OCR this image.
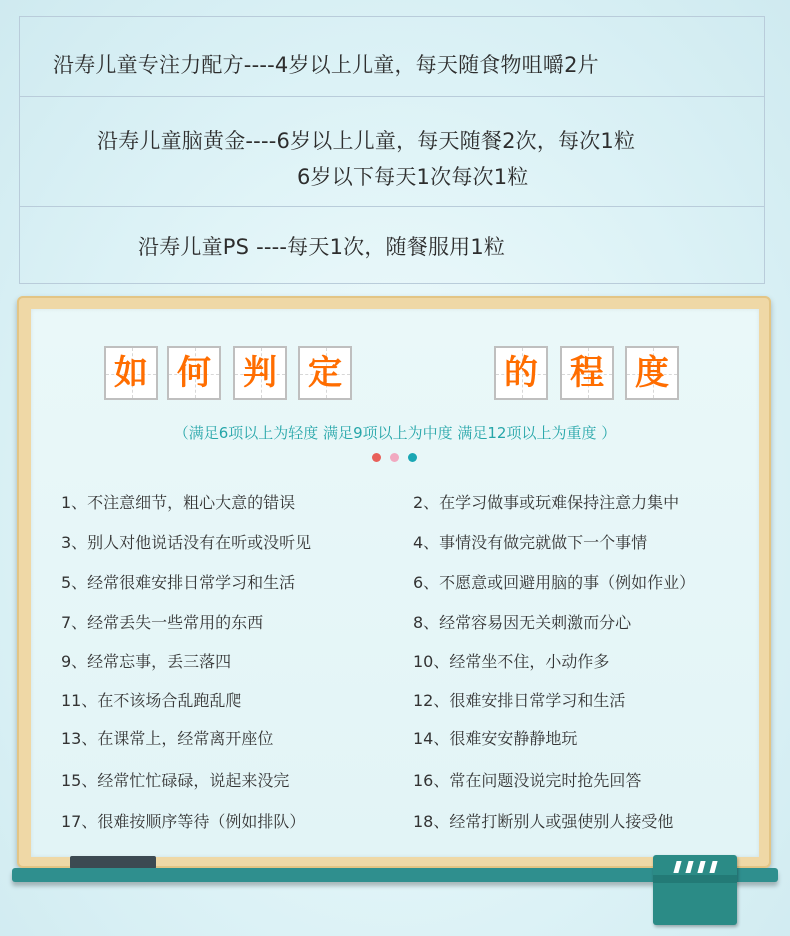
沿寿儿童专注力配方----4岁以上儿童，每天随食物咀嚼2片
沿寿儿童脑黄金----6岁以上儿童，每天随餐2次，每次1粒
6岁以下每天1次每次1粒
沿寿儿童PS ----每天1次，随餐服用1粒
如 何 判 定	的 程 度
（满足6项以上为轻度 满足9项以上为中度 满足12项以上为重度 ）
1、不注意细节，粗心大意的错误
3、别人对他说话没有在听或没听见
5、经常很难安排日常学习和生活
7、经常丢失一些常用的东西
9、经常忘事，丢三落四
11、在不该场合乱跑乱爬
13、在课常上，经常离开座位
15、经常忙忙碌碌，说起来没完
17、很难按顺序等待（例如排队）
2、在学习做事或玩难保持注意力集中
4、事情没有做完就做下一个事情
6、不愿意或回避用脑的事（例如作业）
8、经常容易因无关刺激而分心
10、经常坐不住，小动作多
12、很难安排日常学习和生活
14、很难安安静静地玩
16、常在问题没说完时抢先回答
18、经常打断别人或强使别人接受他
